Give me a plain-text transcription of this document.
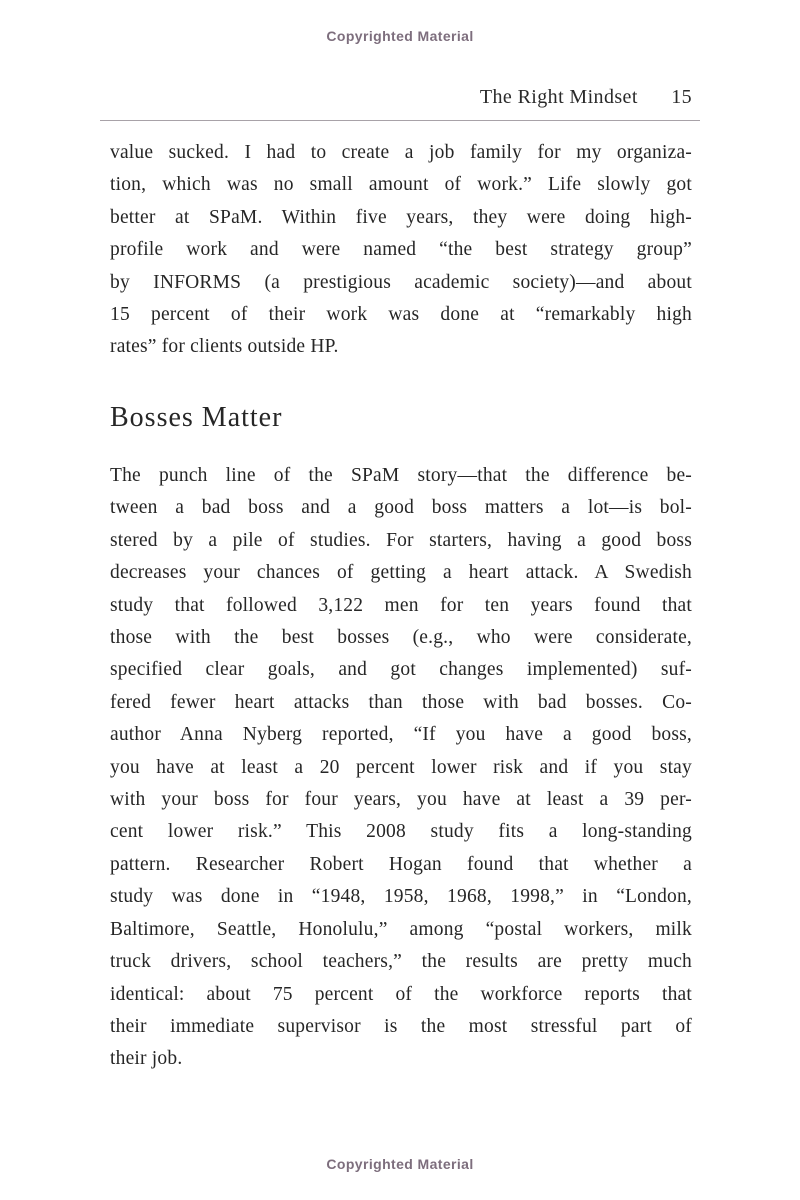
Copyrighted Material
The Right Mindset 15
value sucked. I had to create a job family for my organiza-
tion, which was no small amount of work.” Life slowly got
better at SPaM. Within five years, they were doing high-
profile work and were named “the best strategy group”
by INFORMS (a prestigious academic society)—and about
15 percent of their work was done at “remarkably high
rates” for clients outside HP.
Bosses Matter
The punch line of the SPaM story—that the difference be-
tween a bad boss and a good boss matters a lot—is bol-
stered by a pile of studies. For starters, having a good boss
decreases your chances of getting a heart attack. A Swedish
study that followed 3,122 men for ten years found that
those with the best bosses (e.g., who were considerate,
specified clear goals, and got changes implemented) suf-
fered fewer heart attacks than those with bad bosses. Co-
author Anna Nyberg reported, “If you have a good boss,
you have at least a 20 percent lower risk and if you stay
with your boss for four years, you have at least a 39 per-
cent lower risk.” This 2008 study fits a long-standing
pattern. Researcher Robert Hogan found that whether a
study was done in “1948, 1958, 1968, 1998,” in “London,
Baltimore, Seattle, Honolulu,” among “postal workers, milk
truck drivers, school teachers,” the results are pretty much
identical: about 75 percent of the workforce reports that
their immediate supervisor is the most stressful part of
their job.
Copyrighted Material
